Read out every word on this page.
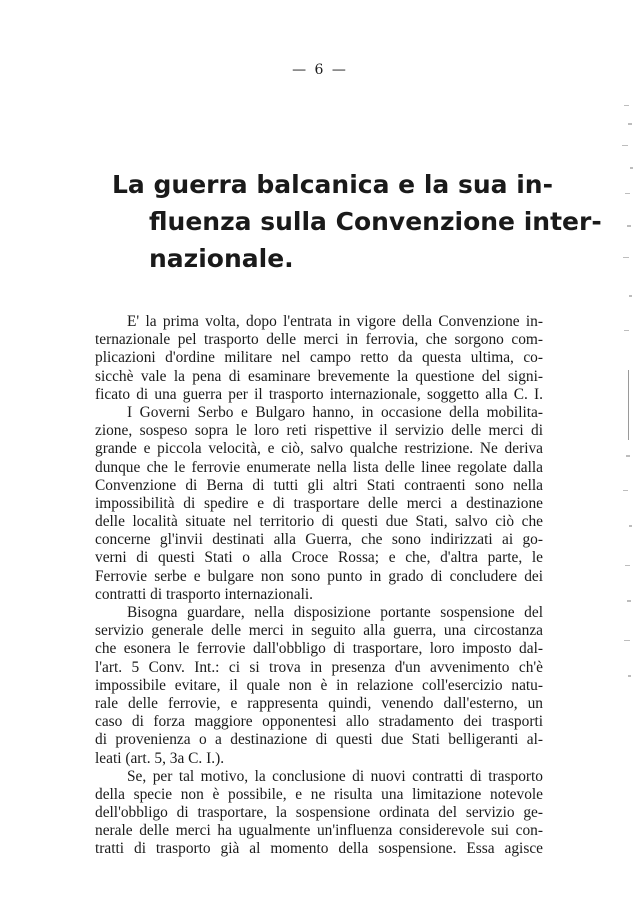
— 6 —
La guerra balcanica e la sua in-
fluenza sulla Convenzione inter-
nazionale.
E' la prima volta, dopo l'entrata in vigore della Convenzione in-
ternazionale pel trasporto delle merci in ferrovia, che sorgono com-
plicazioni d'ordine militare nel campo retto da questa ultima, co-
sicchè vale la pena di esaminare brevemente la questione del signi-
ficato di una guerra per il trasporto internazionale, soggetto alla C. I.
I Governi Serbo e Bulgaro hanno, in occasione della mobilita-
zione, sospeso sopra le loro reti rispettive il servizio delle merci di
grande e piccola velocità, e ciò, salvo qualche restrizione. Ne deriva
dunque che le ferrovie enumerate nella lista delle linee regolate dalla
Convenzione di Berna di tutti gli altri Stati contraenti sono nella
impossibilità di spedire e di trasportare delle merci a destinazione
delle località situate nel territorio di questi due Stati, salvo ciò che
concerne gl'invii destinati alla Guerra, che sono indirizzati ai go-
verni di questi Stati o alla Croce Rossa; e che, d'altra parte, le
Ferrovie serbe e bulgare non sono punto in grado di concludere dei
contratti di trasporto internazionali.
Bisogna guardare, nella disposizione portante sospensione del
servizio generale delle merci in seguito alla guerra, una circostanza
che esonera le ferrovie dall'obbligo di trasportare, loro imposto dal-
l'art. 5 Conv. Int.: ci si trova in presenza d'un avvenimento ch'è
impossibile evitare, il quale non è in relazione coll'esercizio natu-
rale delle ferrovie, e rappresenta quindi, venendo dall'esterno, un
caso di forza maggiore opponentesi allo stradamento dei trasporti
di provenienza o a destinazione di questi due Stati belligeranti al-
leati (art. 5, 3a C. I.).
Se, per tal motivo, la conclusione di nuovi contratti di trasporto
della specie non è possibile, e ne risulta una limitazione notevole
dell'obbligo di trasportare, la sospensione ordinata del servizio ge-
nerale delle merci ha ugualmente un'influenza considerevole sui con-
tratti di trasporto già al momento della sospensione. Essa agisce
